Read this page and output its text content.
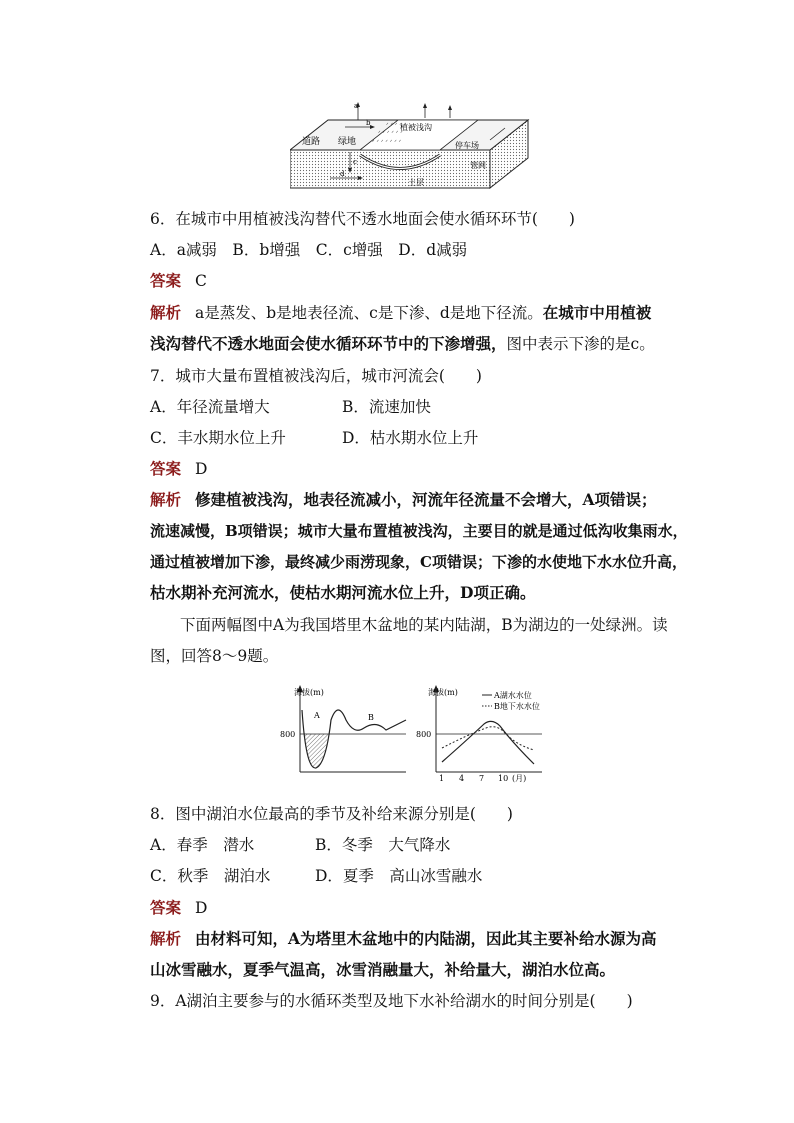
ᐟ ᐟ ᐟ ᐟ ᐟ ᐟ
ᐟ ᐟ ᐟ ᐟ ᐟ ᐟ ᐟ
ᐟ ᐟ ᐟ ᐟ ᐟ
a
b
c
d
道路 绿地
植被浅沟
停车场
管网
土层
6．在城市中用植被浅沟替代不透水地面会使水循环环节(　　)
A．a减弱　B．b增强　C．c增强　D．d减弱
答案 C
解析 a是蒸发、b是地表径流、c是下渗、d是地下径流。在城市中用植被
浅沟替代不透水地面会使水循环环节中的下渗增强，图中表示下渗的是c。
7．城市大量布置植被浅沟后，城市河流会(　　)
A．年径流量增大	B．流速加快
C．丰水期水位上升	D．枯水期水位上升
答案 D
解析 修建植被浅沟，地表径流减小，河流年径流量不会增大，A项错误；
流速减慢，B项错误；城市大量布置植被浅沟，主要目的就是通过低沟收集雨水，
通过植被增加下渗，最终减少雨涝现象，C项错误；下渗的水使地下水水位升高，
枯水期补充河流水，使枯水期河流水位上升，D项正确。
下面两幅图中A为我国塔里木盆地的某内陆湖，B为湖边的一处绿洲。读
图，回答8～9题。
海拔(m)
800
A	B
海拔(m)
800
A湖水水位
B地下水水位
1 4 7 10 (月)
8．图中湖泊水位最高的季节及补给来源分别是(　　)
A．春季　潜水	B．冬季　大气降水
C．秋季　湖泊水	D．夏季　高山冰雪融水
答案 D
解析 由材料可知，A为塔里木盆地中的内陆湖，因此其主要补给水源为高
山冰雪融水，夏季气温高，冰雪消融量大，补给量大，湖泊水位高。
9．A湖泊主要参与的水循环类型及地下水补给湖水的时间分别是(　　)
